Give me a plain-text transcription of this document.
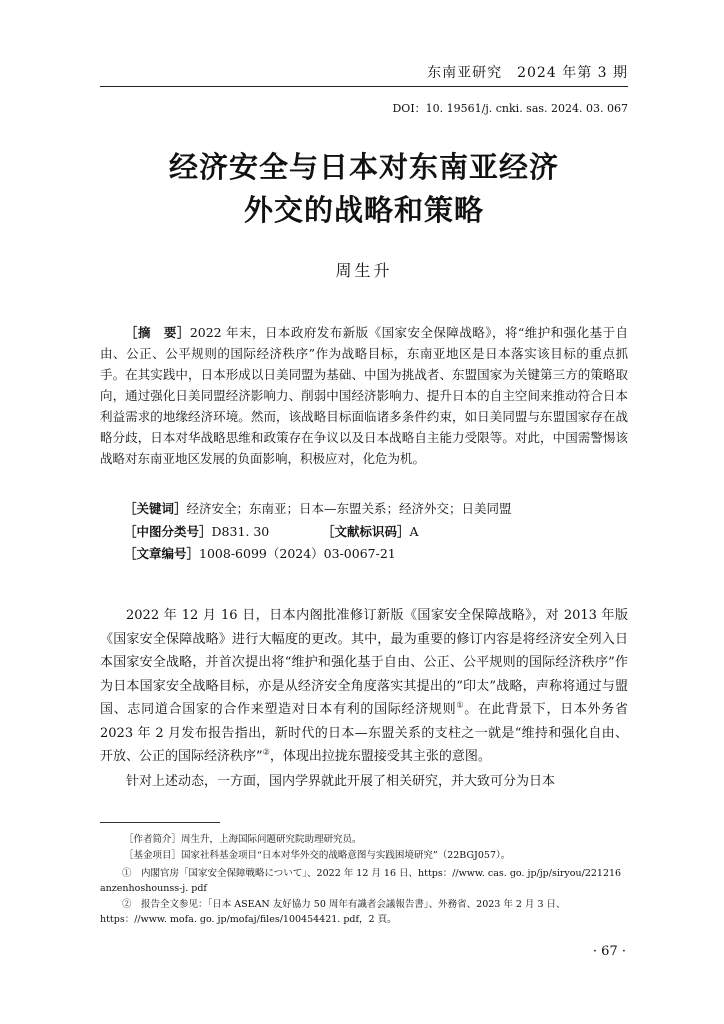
东南亚研究　2024 年第 3 期
DOI：10. 19561/j. cnki. sas. 2024. 03. 067
经济安全与日本对东南亚经济
外交的战略和策略
周生升
［摘　要］2022 年末，日本政府发布新版《国家安全保障战略》，将“维护和强化基于自由、公正、公平规则的国际经济秩序”作为战略目标，东南亚地区是日本落实该目标的重点抓手。在其实践中，日本形成以日美同盟为基础、中国为挑战者、东盟国家为关键第三方的策略取向，通过强化日美同盟经济影响力、削弱中国经济影响力、提升日本的自主空间来推动符合日本利益需求的地缘经济环境。然而，该战略目标面临诸多条件约束，如日美同盟与东盟国家存在战略分歧，日本对华战略思维和政策存在争议以及日本战略自主能力受限等。对此，中国需警惕该战略对东南亚地区发展的负面影响，积极应对，化危为机。
［关键词］经济安全；东南亚；日本—东盟关系；经济外交；日美同盟
［中图分类号］D831. 30	［文献标识码］A
［文章编号］1008-6099（2024）03-0067-21
2022 年 12 月 16 日，日本内阁批准修订新版《国家安全保障战略》，对 2013 年版《国家安全保障战略》进行大幅度的更改。其中，最为重要的修订内容是将经济安全列入日本国家安全战略，并首次提出将“维护和强化基于自由、公正、公平规则的国际经济秩序”作为日本国家安全战略目标，亦是从经济安全角度落实其提出的“印太”战略，声称将通过与盟国、志同道合国家的合作来塑造对日本有利的国际经济规则①。在此背景下，日本外务省 2023 年 2 月发布报告指出，新时代的日本—东盟关系的支柱之一就是“维持和强化自由、开放、公正的国际经济秩序”②，体现出拉拢东盟接受其主张的意图。
针对上述动态，一方面，国内学界就此开展了相关研究，并大致可分为日本
［作者简介］周生升，上海国际问题研究院助理研究员。
［基金项目］国家社科基金项目“日本对华外交的战略意图与实践困境研究”（22BGJ057）。
①　内閣官房「国家安全保障戦略について」、2022 年 12 月 16 日、https：//www. cas. go. jp/jp/siryou/221216 anzenhoshounss-j. pdf
②　报告全文参见：「日本 ASEAN 友好協力 50 周年有識者会議報告書」、外務省、2023 年 2 月 3 日、https：//www. mofa. go. jp/mofaj/files/100454421. pdf，2 頁。
· 67 ·
